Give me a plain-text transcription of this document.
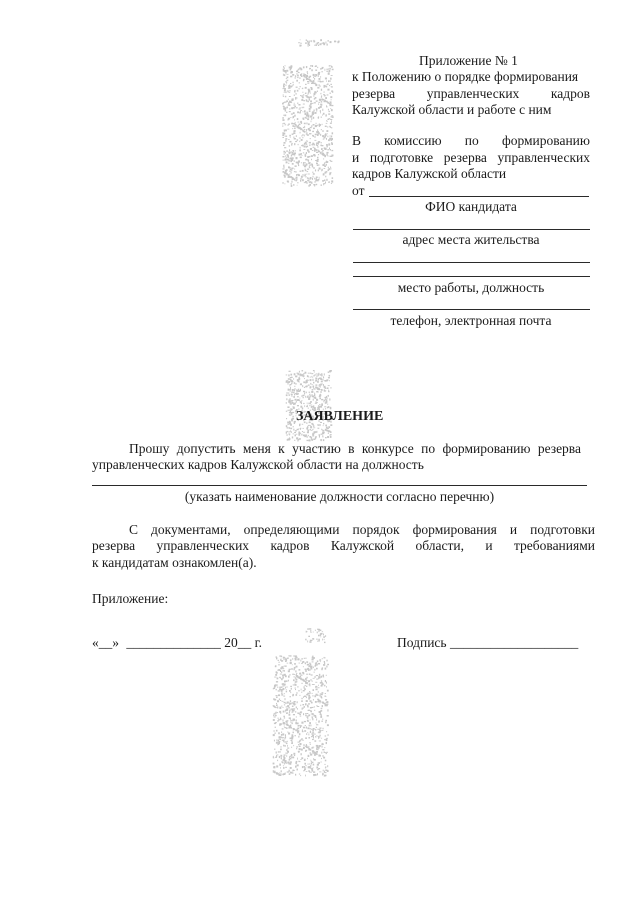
Приложение № 1
к Положению о порядке формирования
резерва управленческих кадров
Калужской области и работе с ним
В комиссию по формированию
и подготовке резерва управленческих
кадров Калужской области
от
ФИО кандидата
адрес места жительства
место работы, должность
телефон, электронная почта
ЗАЯВЛЕНИЕ
Прошу допустить меня к участию в конкурсе по формированию резерва
управленческих кадров Калужской области на должность
(указать наименование должности согласно перечню)
С документами, определяющими порядок формирования и подготовки
резерва управленческих кадров Калужской области, и требованиями
к кандидатам ознакомлен(а).
Приложение:
«__» ______________ 20__ г.	Подпись ___________________
